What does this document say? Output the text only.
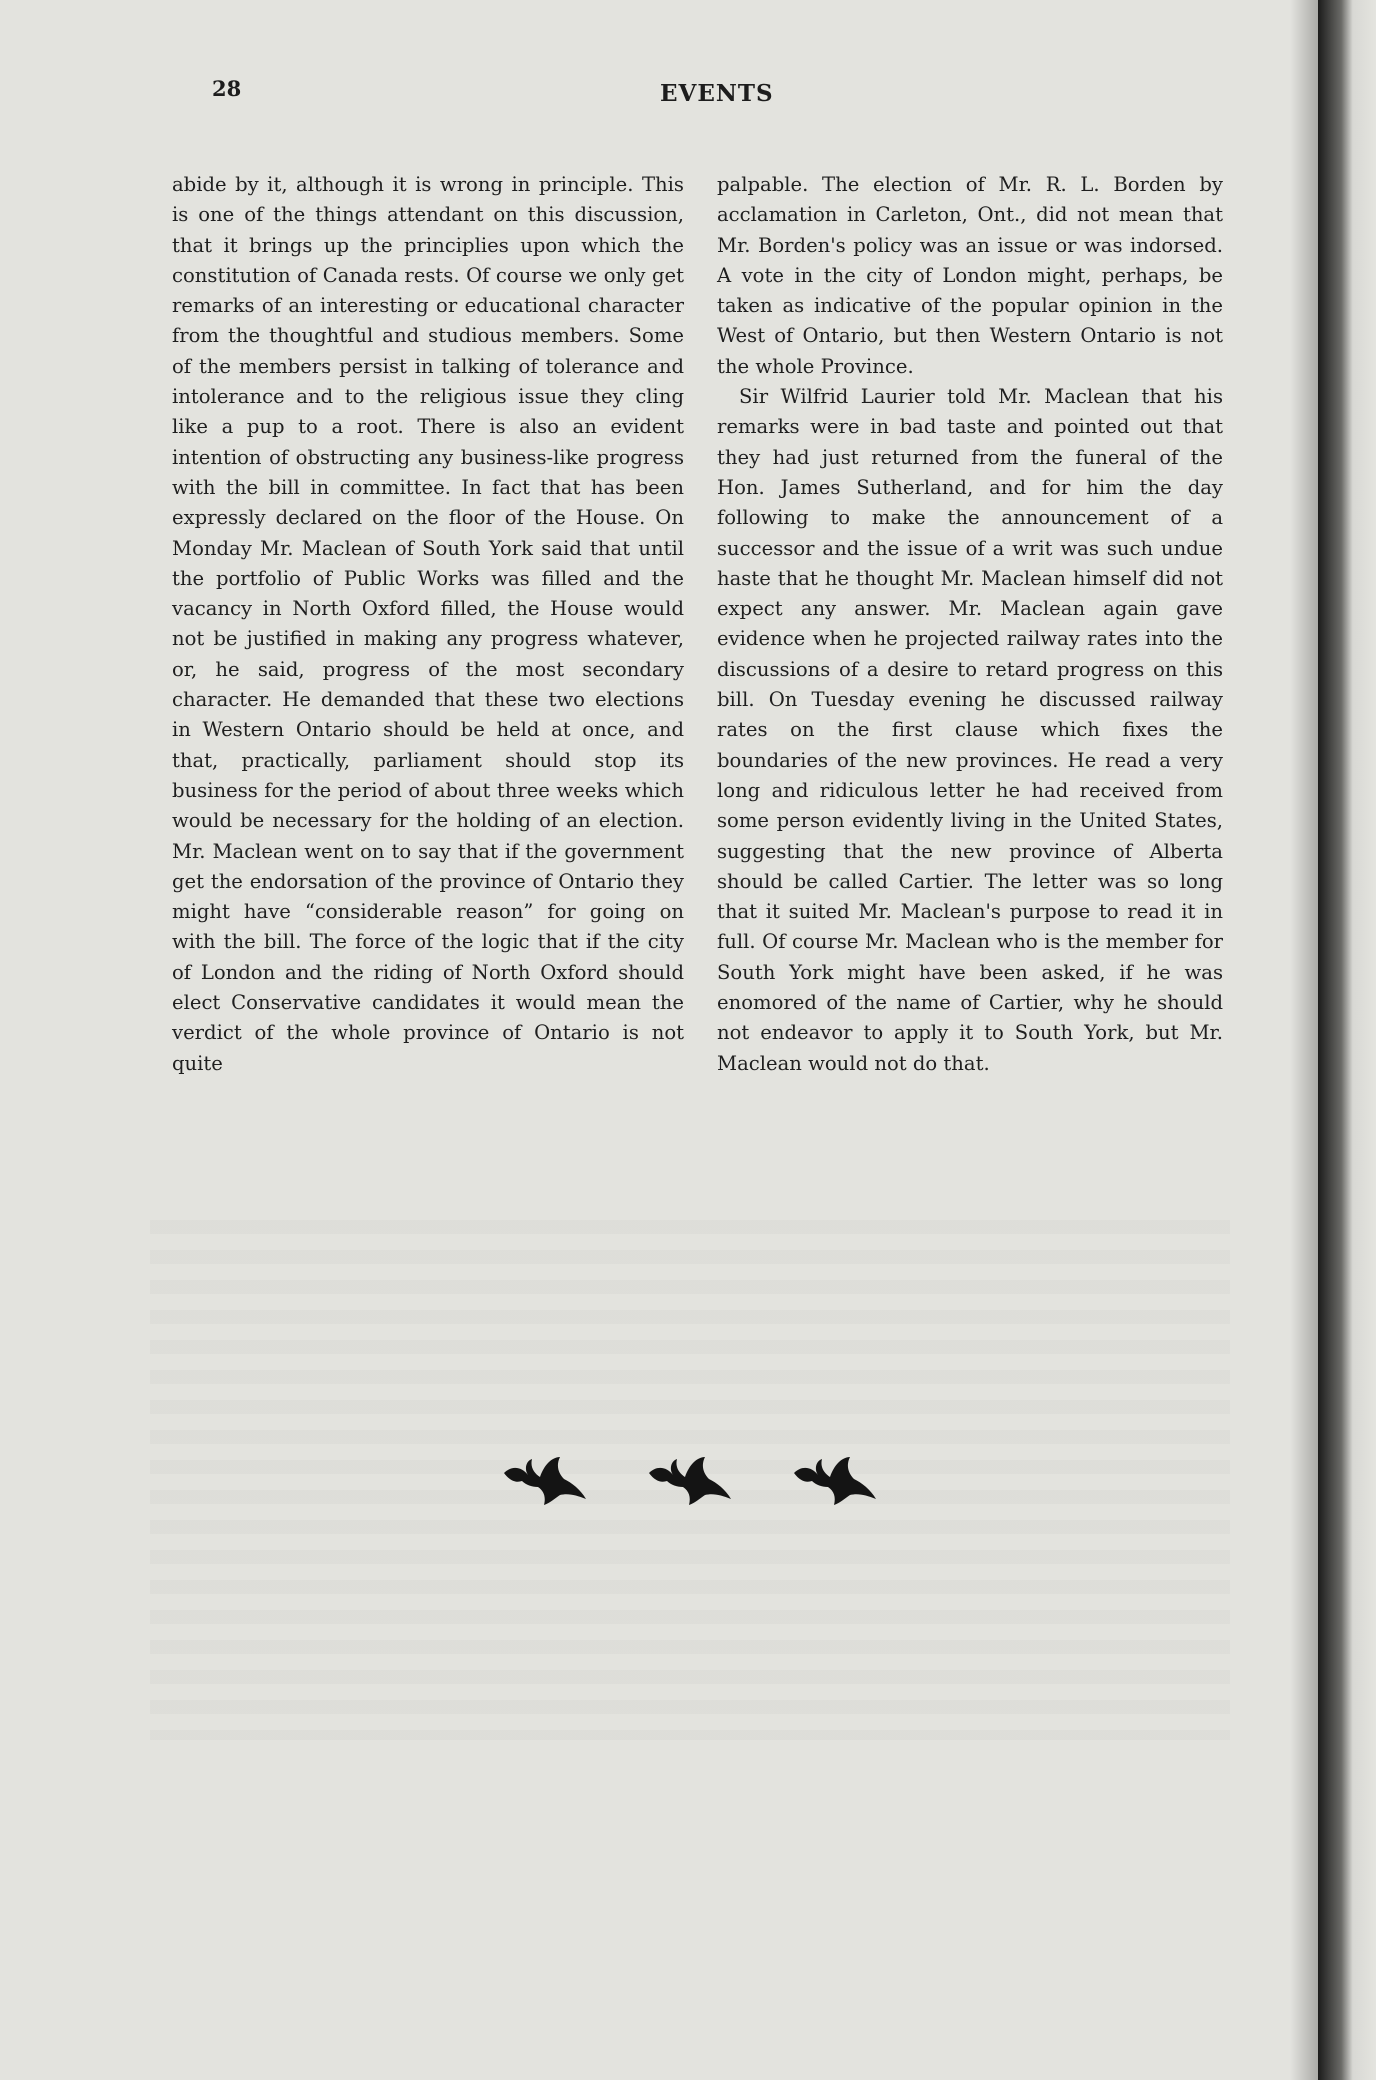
28	EVENTS

abide by it, although it is wrong in principle. This is one of the things attendant on this discussion, that it brings up the principlies upon which the constitution of Canada rests. Of course we only get remarks of an interesting or educational character from the thoughtful and studious members. Some of the members persist in talking of tolerance and intolerance and to the religious issue they cling like a pup to a root. There is also an evident intention of obstructing any business-like progress with the bill in committee. In fact that has been expressly declared on the floor of the House. On Monday Mr. Maclean of South York said that until the portfolio of Public Works was filled and the vacancy in North Oxford filled, the House would not be justified in making any progress whatever, or, he said, progress of the most secondary character. He demanded that these two elections in Western Ontario should be held at once, and that, practically, parliament should stop its business for the period of about three weeks which would be necessary for the holding of an election. Mr. Maclean went on to say that if the government get the endorsation of the province of Ontario they might have “considerable reason” for going on with the bill. The force of the logic that if the city of London and the riding of North Oxford should elect Conservative candidates it would mean the verdict of the whole province of Ontario is not quite

palpable. The election of Mr. R. L. Borden by acclamation in Carleton, Ont., did not mean that Mr. Borden's policy was an issue or was indorsed. A vote in the city of London might, perhaps, be taken as indicative of the popular opinion in the West of Ontario, but then Western Ontario is not the whole Province.

Sir Wilfrid Laurier told Mr. Maclean that his remarks were in bad taste and pointed out that they had just returned from the funeral of the Hon. James Sutherland, and for him the day following to make the announcement of a successor and the issue of a writ was such undue haste that he thought Mr. Maclean himself did not expect any answer. Mr. Maclean again gave evidence when he projected railway rates into the discussions of a desire to retard progress on this bill. On Tuesday evening he discussed railway rates on the first clause which fixes the boundaries of the new provinces. He read a very long and ridiculous letter he had received from some person evidently living in the United States, suggesting that the new province of Alberta should be called Cartier. The letter was so long that it suited Mr. Maclean's purpose to read it in full. Of course Mr. Maclean who is the member for South York might have been asked, if he was enomored of the name of Cartier, why he should not endeavor to apply it to South York, but Mr. Maclean would not do that.
